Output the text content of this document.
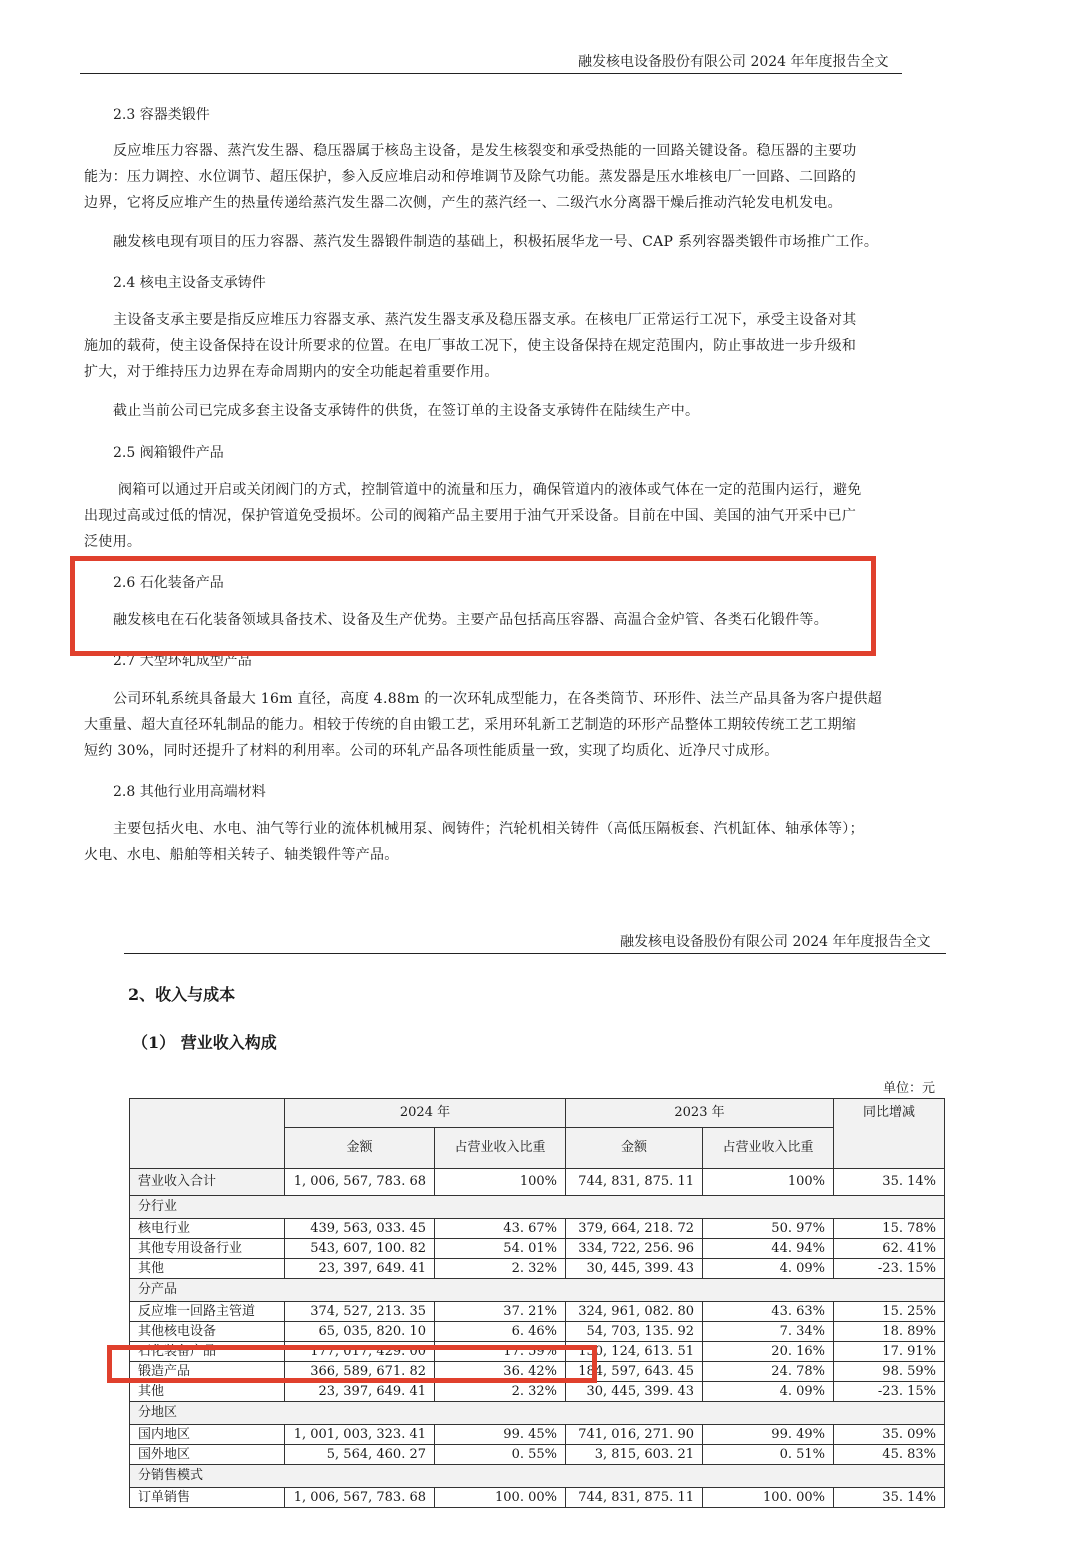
融发核电设备股份有限公司 2024 年年度报告全文
2.3 容器类锻件
反应堆压力容器、蒸汽发生器、稳压器属于核岛主设备，是发生核裂变和承受热能的一回路关键设备。稳压器的主要功
能为：压力调控、水位调节、超压保护，参入反应堆启动和停堆调节及除气功能。蒸发器是压水堆核电厂一回路、二回路的
边界，它将反应堆产生的热量传递给蒸汽发生器二次侧，产生的蒸汽经一、二级汽水分离器干燥后推动汽轮发电机发电。
融发核电现有项目的压力容器、蒸汽发生器锻件制造的基础上，积极拓展华龙一号、CAP 系列容器类锻件市场推广工作。
2.4 核电主设备支承铸件
主设备支承主要是指反应堆压力容器支承、蒸汽发生器支承及稳压器支承。在核电厂正常运行工况下，承受主设备对其
施加的载荷，使主设备保持在设计所要求的位置。在电厂事故工况下，使主设备保持在规定范围内，防止事故进一步升级和
扩大，对于维持压力边界在寿命周期内的安全功能起着重要作用。
截止当前公司已完成多套主设备支承铸件的供货，在签订单的主设备支承铸件在陆续生产中。
2.5 阀箱锻件产品
阀箱可以通过开启或关闭阀门的方式，控制管道中的流量和压力，确保管道内的液体或气体在一定的范围内运行，避免
出现过高或过低的情况，保护管道免受损坏。公司的阀箱产品主要用于油气开采设备。目前在中国、美国的油气开采中已广
泛使用。
2.6 石化装备产品
融发核电在石化装备领域具备技术、设备及生产优势。主要产品包括高压容器、高温合金炉管、各类石化锻件等。
2.7 大型环轧成型产品
公司环轧系统具备最大 16m 直径，高度 4.88m 的一次环轧成型能力，在各类筒节、环形件、法兰产品具备为客户提供超
大重量、超大直径环轧制品的能力。相较于传统的自由锻工艺，采用环轧新工艺制造的环形产品整体工期较传统工艺工期缩
短约 30%，同时还提升了材料的利用率。公司的环轧产品各项性能质量一致，实现了均质化、近净尺寸成形。
2.8 其他行业用高端材料
主要包括火电、水电、油气等行业的流体机械用泵、阀铸件；汽轮机相关铸件（高低压隔板套、汽机缸体、轴承体等）；
火电、水电、船舶等相关转子、轴类锻件等产品。
融发核电设备股份有限公司 2024 年年度报告全文
2、收入与成本
（1） 营业收入构成
单位：元
	2024 年		2023 年		同比增减
	金额	占营业收入比重	金额	占营业收入比重	
营业收入合计	1, 006, 567, 783. 68	100%	744, 831, 875. 11	100%	35. 14%
分行业					
核电行业	439, 563, 033. 45	43. 67%	379, 664, 218. 72	50. 97%	15. 78%
其他专用设备行业	543, 607, 100. 82	54. 01%	334, 722, 256. 96	44. 94%	62. 41%
其他	23, 397, 649. 41	2. 32%	30, 445, 399. 43	4. 09%	-23. 15%
分产品					
反应堆一回路主管道	374, 527, 213. 35	37. 21%	324, 961, 082. 80	43. 63%	15. 25%
其他核电设备	65, 035, 820. 10	6. 46%	54, 703, 135. 92	7. 34%	18. 89%
石化装备产品	177, 017, 429. 00	17. 59%	150, 124, 613. 51	20. 16%	17. 91%
锻造产品	366, 589, 671. 82	36. 42%	184, 597, 643. 45	24. 78%	98. 59%
其他	23, 397, 649. 41	2. 32%	30, 445, 399. 43	4. 09%	-23. 15%
分地区					
国内地区	1, 001, 003, 323. 41	99. 45%	741, 016, 271. 90	99. 49%	35. 09%
国外地区	5, 564, 460. 27	0. 55%	3, 815, 603. 21	0. 51%	45. 83%
分销售模式					
订单销售	1, 006, 567, 783. 68	100. 00%	744, 831, 875. 11	100. 00%	35. 14%
